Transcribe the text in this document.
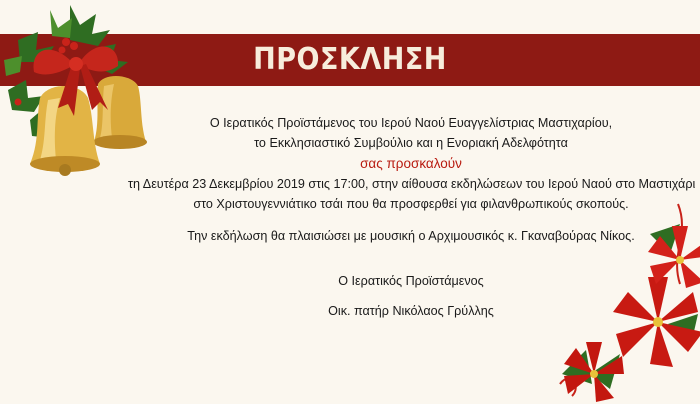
ΠΡΟΣΚΛΗΣΗ
Ο Ιερατικός Προϊστάμενος του Ιερού Ναού Ευαγγελίστριας Μαστιχαρίου,
το Εκκλησιαστικό Συμβούλιο και η Ενοριακή Αδελφότητα
σας προσκαλούν
τη Δευτέρα 23 Δεκεμβρίου 2019 στις 17:00, στην αίθουσα εκδηλώσεων του Ιερού Ναού στο Μαστιχάρι
στο Χριστουγεννιάτικο τσάι που θα προσφερθεί για φιλανθρωπικούς σκοπούς.
Την εκδήλωση θα πλαισιώσει με μουσική ο Αρχιμουσικός κ. Γκαναβούρας Νίκος.
Ο Ιερατικός Προϊστάμενος
Οικ. πατήρ Νικόλαος Γρύλλης
